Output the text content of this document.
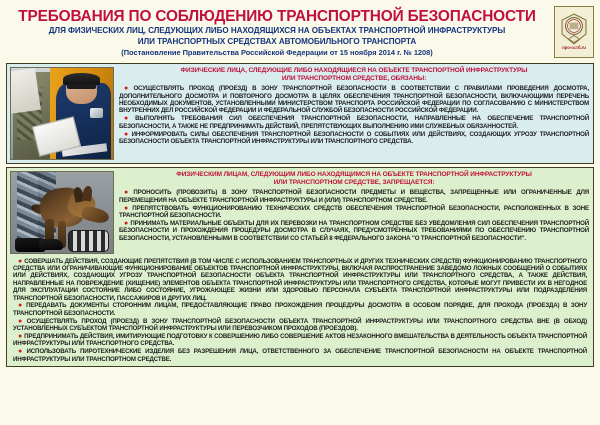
ТРЕБОВАНИЯ ПО СОБЛЮДЕНИЮ ТРАНСПОРТНОЙ БЕЗОПАСНОСТИ
ДЛЯ ФИЗИЧЕСКИХ ЛИЦ, СЛЕДУЮЩИХ ЛИБО НАХОДЯЩИХСЯ НА ОБЪЕКТАХ ТРАНСПОРТНОЙ ИНФРАСТРУКТУРЫ
ИЛИ ТРАНСПОРТНЫХ СРЕДСТВАХ АВТОМОБИЛЬНОГО ТРАНСПОРТА
(Постановление Правительства Российской Федерации от 15 ноября 2014 г. № 1208)
про-сстб.ru
ФИЗИЧЕСКИЕ ЛИЦА, СЛЕДУЮЩИЕ ЛИБО НАХОДЯЩИЕСЯ НА ОБЪЕКТЕ ТРАНСПОРТНОЙ ИНФРАСТРУКТУРЫ
ИЛИ ТРАНСПОРТНОМ СРЕДСТВЕ, ОБЯЗАНЫ:
● ОСУЩЕСТВЛЯТЬ ПРОХОД (ПРОЕЗД) В ЗОНУ ТРАНСПОРТНОЙ БЕЗОПАСНОСТИ В СООТВЕТСТВИИ С ПРАВИЛАМИ ПРОВЕДЕНИЯ ДОСМОТРА, ДОПОЛНИТЕЛЬНОГО ДОСМОТРА И ПОВТОРНОГО ДОСМОТРА В ЦЕЛЯХ ОБЕСПЕЧЕНИЯ ТРАНСПОРТНОЙ БЕЗОПАСНОСТИ, ВКЛЮЧАЮЩИМИ ПЕРЕЧЕНЬ НЕОБХОДИМЫХ ДОКУМЕНТОВ, УСТАНОВЛЕННЫМИ МИНИСТЕРСТВОМ ТРАНСПОРТА РОССИЙСКОЙ ФЕДЕРАЦИИ ПО СОГЛАСОВАНИЮ С МИНИСТЕРСТВОМ ВНУТРЕННИХ ДЕЛ РОССИЙСКОЙ ФЕДЕРАЦИИ И ФЕДЕРАЛЬНОЙ СЛУЖБОЙ БЕЗОПАСНОСТИ РОССИЙСКОЙ ФЕДЕРАЦИИ.
● ВЫПОЛНЯТЬ ТРЕБОВАНИЯ СИЛ ОБЕСПЕЧЕНИЯ ТРАНСПОРТНОЙ БЕЗОПАСНОСТИ, НАПРАВЛЕННЫЕ НА ОБЕСПЕЧЕНИЕ ТРАНСПОРТНОЙ БЕЗОПАСНОСТИ, А ТАКЖЕ НЕ ПРЕДПРИНИМАТЬ ДЕЙСТВИЙ, ПРЕПЯТСТВУЮЩИХ ВЫПОЛНЕНИЮ ИМИ СЛУЖЕБНЫХ ОБЯЗАННОСТЕЙ.
● ИНФОРМИРОВАТЬ СИЛЫ ОБЕСПЕЧЕНИЯ ТРАНСПОРТНОЙ БЕЗОПАСНОСТИ О СОБЫТИЯХ ИЛИ ДЕЙСТВИЯХ, СОЗДАЮЩИХ УГРОЗУ ТРАНСПОРТНОЙ БЕЗОПАСНОСТИ ОБЪЕКТА ТРАНСПОРТНОЙ ИНФРАСТРУКТУРЫ ИЛИ ТРАНСПОРТНОГО СРЕДСТВА.
ФИЗИЧЕСКИМ ЛИЦАМ, СЛЕДУЮЩИМ ЛИБО НАХОДЯЩИМСЯ НА ОБЪЕКТЕ ТРАНСПОРТНОЙ ИНФРАСТРУКТУРЫ
ИЛИ ТРАНСПОРТНОМ СРЕДСТВЕ, ЗАПРЕЩАЕТСЯ:
● ПРОНОСИТЬ (ПРОВОЗИТЬ) В ЗОНУ ТРАНСПОРТНОЙ БЕЗОПАСНОСТИ ПРЕДМЕТЫ И ВЕЩЕСТВА, ЗАПРЕЩЕННЫЕ ИЛИ ОГРАНИЧЕННЫЕ ДЛЯ ПЕРЕМЕЩЕНИЯ НА ОБЪЕКТЕ ТРАНСПОРТНОЙ ИНФРАСТРУКТУРЫ И (ИЛИ) ТРАНСПОРТНОМ СРЕДСТВЕ.
● ПРЕПЯТСТВОВАТЬ ФУНКЦИОНИРОВАНИЮ ТЕХНИЧЕСКИХ СРЕДСТВ ОБЕСПЕЧЕНИЯ ТРАНСПОРТНОЙ БЕЗОПАСНОСТИ, РАСПОЛОЖЕННЫХ В ЗОНЕ ТРАНСПОРТНОЙ БЕЗОПАСНОСТИ.
● ПРИНИМАТЬ МАТЕРИАЛЬНЫЕ ОБЪЕКТЫ ДЛЯ ИХ ПЕРЕВОЗКИ НА ТРАНСПОРТНОМ СРЕДСТВЕ БЕЗ УВЕДОМЛЕНИЯ СИЛ ОБЕСПЕЧЕНИЯ ТРАНСПОРТНОЙ БЕЗОПАСНОСТИ И ПРОХОЖДЕНИЯ ПРОЦЕДУРЫ ДОСМОТРА В СЛУЧАЯХ, ПРЕДУСМОТРЕННЫХ ТРЕБОВАНИЯМИ ПО ОБЕСПЕЧЕНИЮ ТРАНСПОРТНОЙ БЕЗОПАСНОСТИ, УСТАНОВЛЕННЫМИ В СООТВЕТСТВИИ СО СТАТЬЕЙ 8 ФЕДЕРАЛЬНОГО ЗАКОНА "О ТРАНСПОРТНОЙ БЕЗОПАСНОСТИ".
● СОВЕРШАТЬ ДЕЙСТВИЯ, СОЗДАЮЩИЕ ПРЕПЯТСТВИЯ (В ТОМ ЧИСЛЕ С ИСПОЛЬЗОВАНИЕМ ТРАНСПОРТНЫХ И ДРУГИХ ТЕХНИЧЕСКИХ СРЕДСТВ) ФУНКЦИОНИРОВАНИЮ ТРАНСПОРТНОГО СРЕДСТВА ИЛИ ОГРАНИЧИВАЮЩИЕ ФУНКЦИОНИРОВАНИЕ ОБЪЕКТОВ ТРАНСПОРТНОЙ ИНФРАСТРУКТУРЫ, ВКЛЮЧАЯ РАСПРОСТРАНЕНИЕ ЗАВЕДОМО ЛОЖНЫХ СООБЩЕНИЙ О СОБЫТИЯХ ИЛИ ДЕЙСТВИЯХ, СОЗДАЮЩИХ УГРОЗУ ТРАНСПОРТНОЙ БЕЗОПАСНОСТИ ОБЪЕКТА ТРАНСПОРТНОЙ ИНФРАСТРУКТУРЫ ИЛИ ТРАНСПОРТНОГО СРЕДСТВА, А ТАКЖЕ ДЕЙСТВИЯ, НАПРАВЛЕННЫЕ НА ПОВРЕЖДЕНИЕ (ХИЩЕНИЕ) ЭЛЕМЕНТОВ ОБЪЕКТА ТРАНСПОРТНОЙ ИНФРАСТРУКТУРЫ ИЛИ ТРАНСПОРТНОГО СРЕДСТВА, КОТОРЫЕ МОГУТ ПРИВЕСТИ ИХ В НЕГОДНОЕ ДЛЯ ЭКСПЛУАТАЦИИ СОСТОЯНИЕ ЛИБО СОСТОЯНИЕ, УГРОЖАЮЩЕЕ ЖИЗНИ ИЛИ ЗДОРОВЬЮ ПЕРСОНАЛА СУБЪЕКТА ТРАНСПОРТНОЙ ИНФРАСТРУКТУРЫ ИЛИ ПОДРАЗДЕЛЕНИЯ ТРАНСПОРТНОЙ БЕЗОПАСНОСТИ, ПАССАЖИРОВ И ДРУГИХ ЛИЦ.
● ПЕРЕДАВАТЬ ДОКУМЕНТЫ СТОРОННИМ ЛИЦАМ, ПРЕДОСТАВЛЯЮЩИЕ ПРАВО ПРОХОЖДЕНИЯ ПРОЦЕДУРЫ ДОСМОТРА В ОСОБОМ ПОРЯДКЕ, ДЛЯ ПРОХОДА (ПРОЕЗДА) В ЗОНУ ТРАНСПОРТНОЙ БЕЗОПАСНОСТИ.
● ОСУЩЕСТВЛЯТЬ ПРОХОД (ПРОЕЗД) В ЗОНУ ТРАНСПОРТНОЙ БЕЗОПАСНОСТИ ОБЪЕКТА ТРАНСПОРТНОЙ ИНФРАСТРУКТУРЫ ИЛИ ТРАНСПОРТНОГО СРЕДСТВА ВНЕ (В ОБХОД) УСТАНОВЛЕННЫХ СУБЪЕКТОМ ТРАНСПОРТНОЙ ИНФРАСТРУКТУРЫ ИЛИ ПЕРЕВОЗЧИКОМ ПРОХОДОВ (ПРОЕЗДОВ).
● ПРЕДПРИНИМАТЬ ДЕЙСТВИЯ, ИМИТИРУЮЩИЕ ПОДГОТОВКУ К СОВЕРШЕНИЮ ЛИБО СОВЕРШЕНИЕ АКТОВ НЕЗАКОННОГО ВМЕШАТЕЛЬСТВА В ДЕЯТЕЛЬНОСТЬ ОБЪЕКТА ТРАНСПОРТНОЙ ИНФРАСТРУКТУРЫ ИЛИ ТРАНСПОРТНОГО СРЕДСТВА.
● ИСПОЛЬЗОВАТЬ ПИРОТЕХНИЧЕСКИЕ ИЗДЕЛИЯ БЕЗ РАЗРЕШЕНИЯ ЛИЦА, ОТВЕТСТВЕННОГО ЗА ОБЕСПЕЧЕНИЕ ТРАНСПОРТНОЙ БЕЗОПАСНОСТИ НА ОБЪЕКТЕ ТРАНСПОРТНОЙ ИНФРАСТРУКТУРЫ ИЛИ ТРАНСПОРТНОМ СРЕДСТВЕ.
